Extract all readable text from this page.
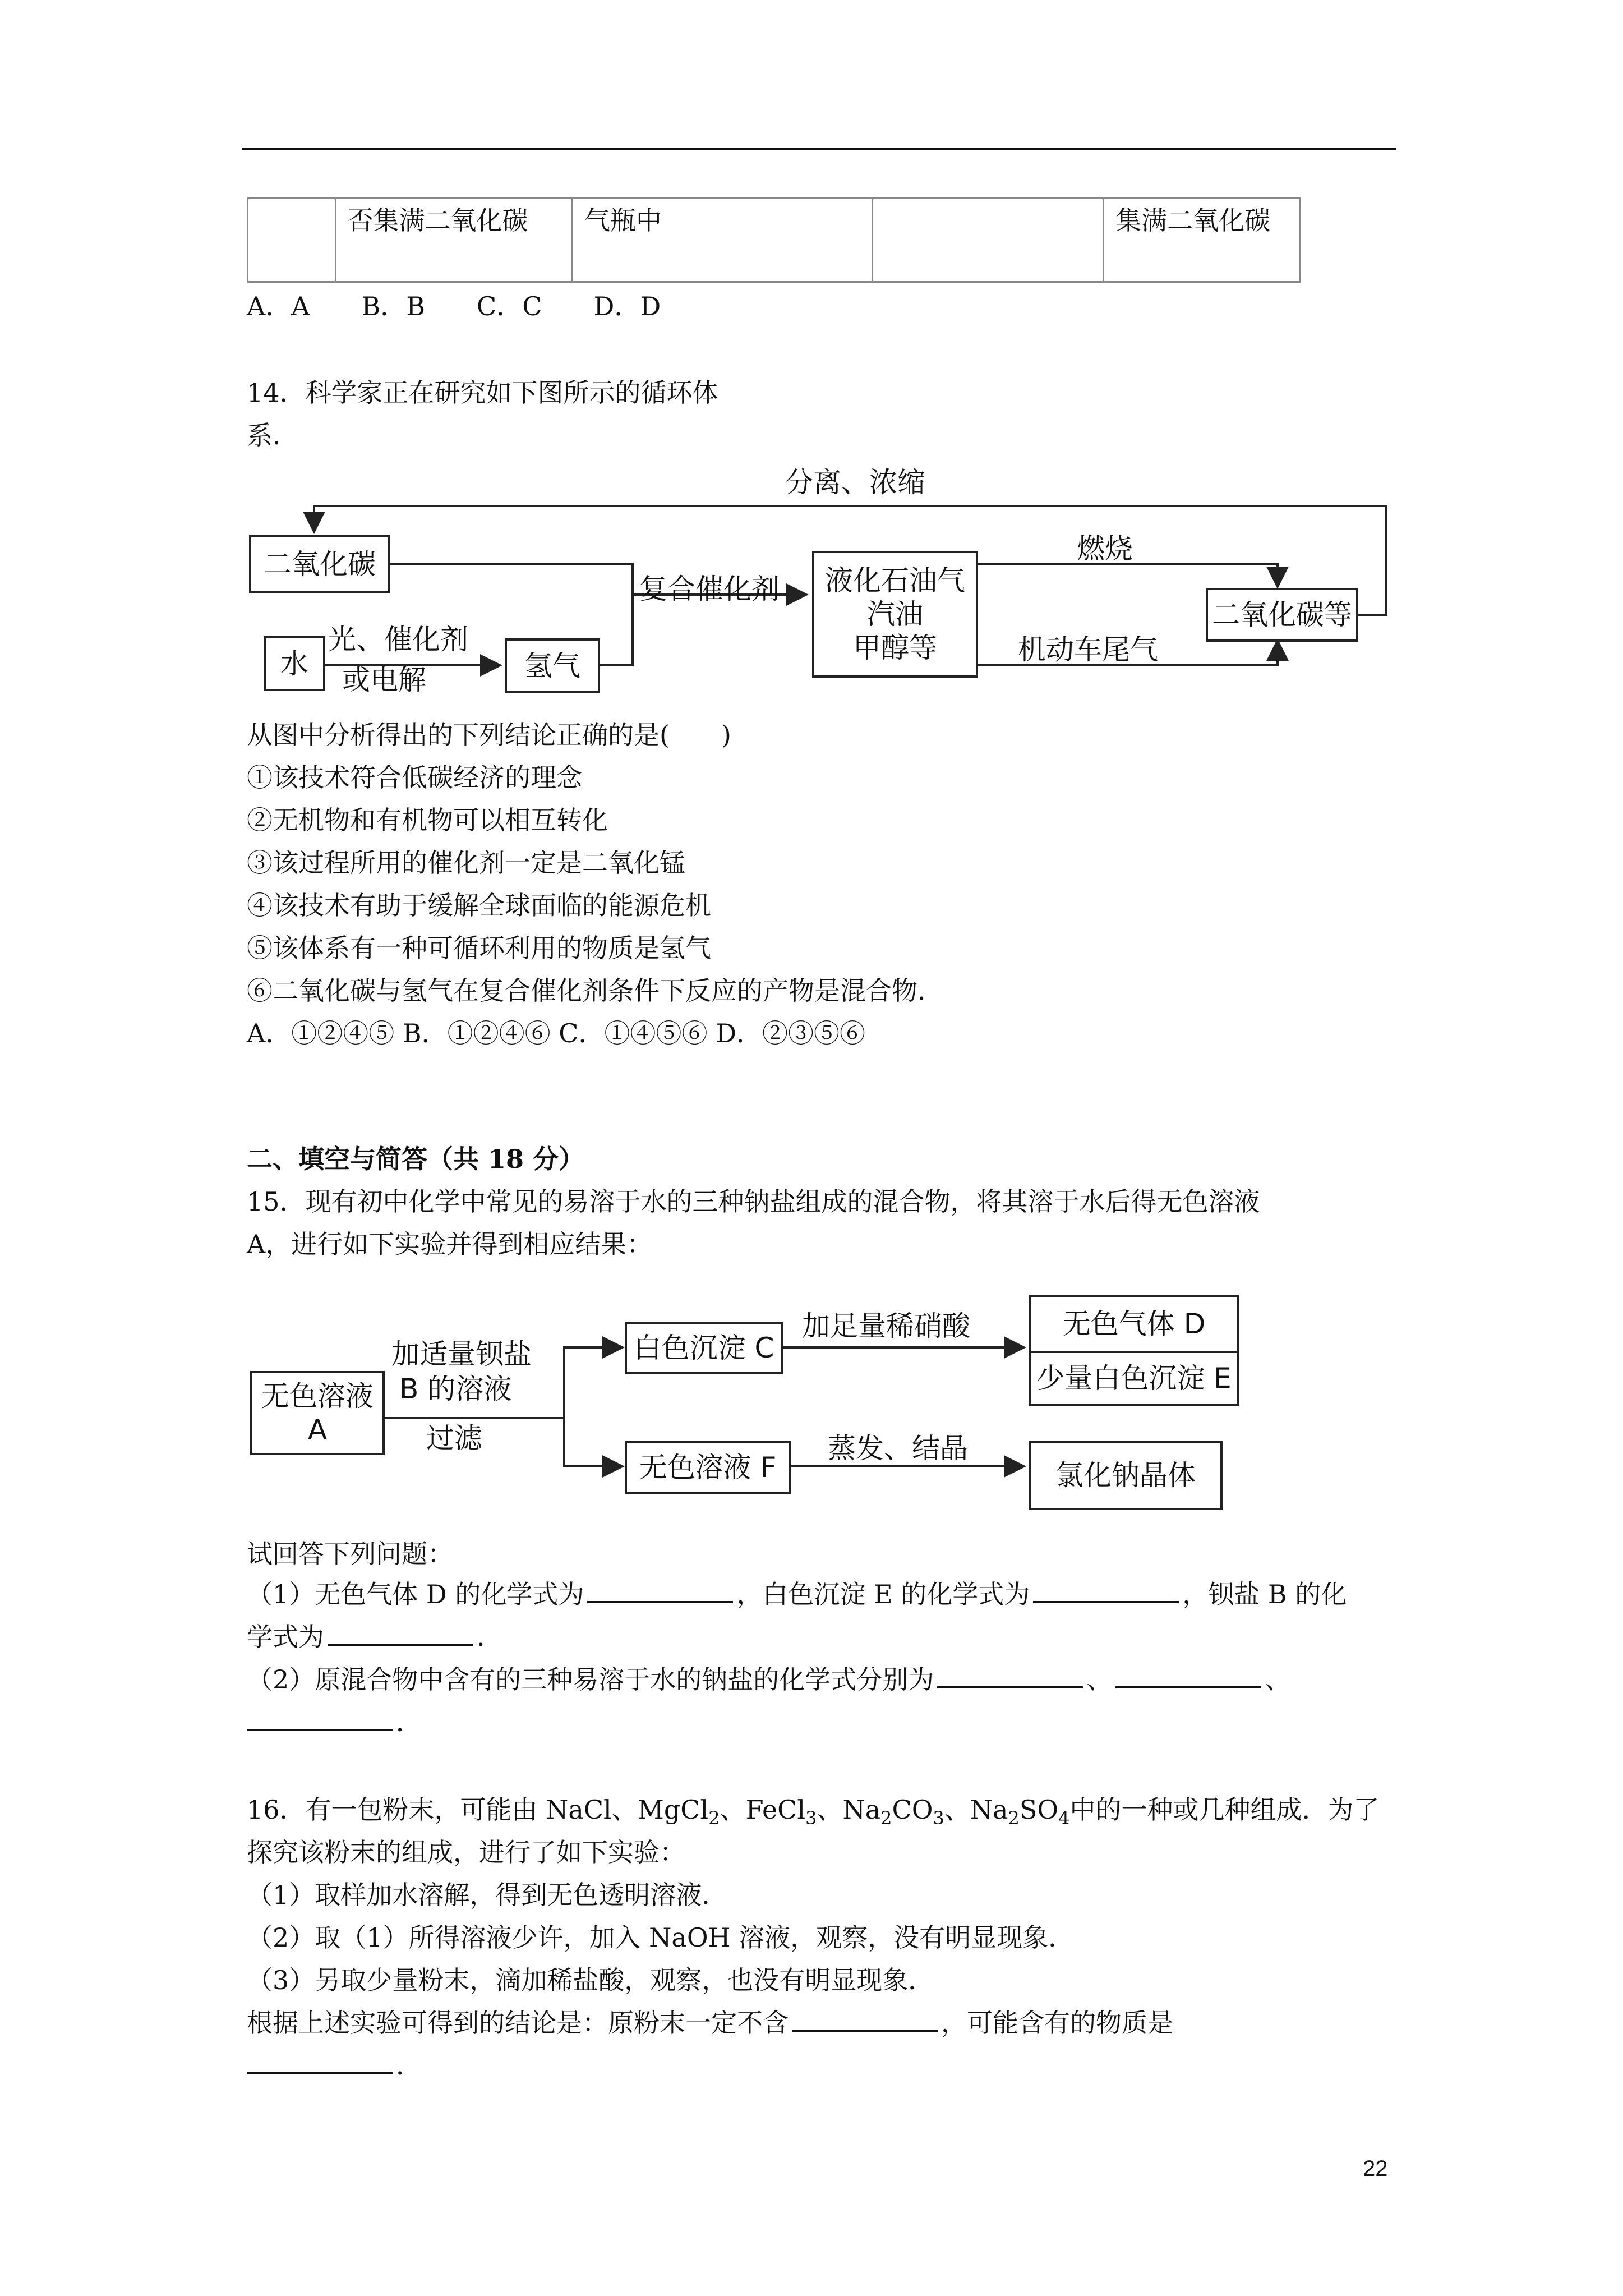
	否集满二氧化碳	气瓶中		集满二氧化碳
A．A　　B．B　　C．C　　D．D
14．科学家正在研究如下图所示的循环体
系．
分离、浓缩
二氧化碳
水
光、催化剂
或电解	氢气
复合催化剂 液化石油气
汽油
甲醇等
燃烧
机动车尾气
二氧化碳等
从图中分析得出的下列结论正确的是(　　)
①该技术符合低碳经济的理念
②无机物和有机物可以相互转化
③该过程所用的催化剂一定是二氧化锰
④该技术有助于缓解全球面临的能源危机
⑤该体系有一种可循环利用的物质是氢气
⑥二氧化碳与氢气在复合催化剂条件下反应的产物是混合物．
A．①②④⑤ B．①②④⑥ C．①④⑤⑥ D．②③⑤⑥
二、填空与简答（共 18 分）
15．现有初中化学中常见的易溶于水的三种钠盐组成的混合物，将其溶于水后得无色溶液
A，进行如下实验并得到相应结果：
无色溶液
A
加适量钡盐
B 的溶液
过滤
白色沉淀 C
加足量稀硝酸	无色气体 D
少量白色沉淀 E
无色溶液 F
蒸发、结晶
氯化钠晶体
试回答下列问题：
（1）无色气体 D 的化学式为	，白色沉淀 E 的化学式为	，钡盐 B 的化
学式为	．
（2）原混合物中含有的三种易溶于水的钠盐的化学式分别为	、	、
．
16．有一包粉末，可能由 NaCl、MgCl$_2$、FeCl$_3$、$Na_2CO_3$、$Na_2SO_4$中的一种或几种组成．为了
探究该粉末的组成，进行了如下实验：
（1）取样加水溶解，得到无色透明溶液．
（2）取（1）所得溶液少许，加入 NaOH 溶液，观察，没有明显现象．
（3）另取少量粉末，滴加稀盐酸，观察，也没有明显现象．
根据上述实验可得到的结论是：原粉末一定不含	，可能含有的物质是
．
22
